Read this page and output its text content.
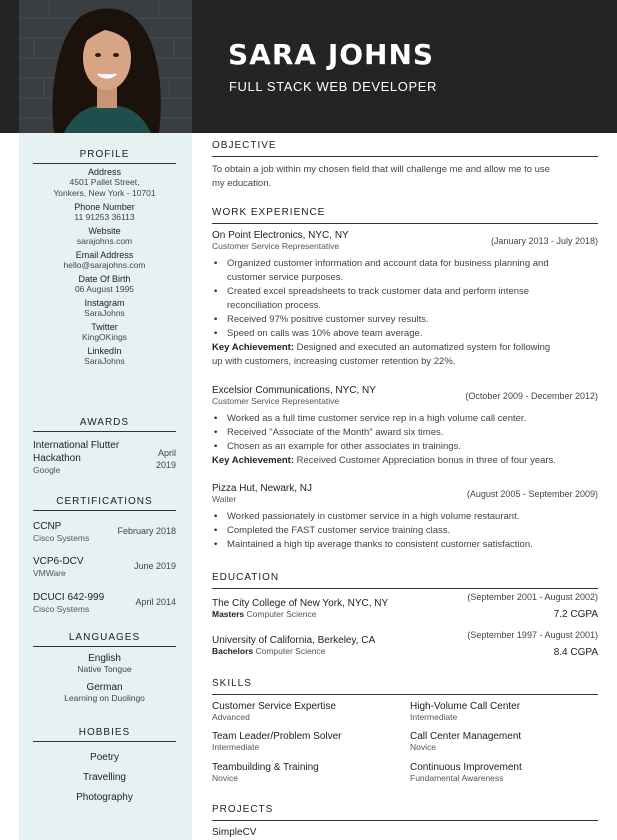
SARA JOHNS
FULL STACK WEB DEVELOPER
PROFILE
Address
4501 Pallet Street,
Yonkers, New York - 10701
Phone Number
11 91253 36113
Website
sarajohns.com
Email Address
hello@sarajohns.com
Date Of Birth
06 August 1995
Instagram
SaraJohns
Twitter
KingOKings
LinkedIn
SaraJohns
AWARDS
International Flutter Hackathon
Google
April 2019
CERTIFICATIONS
CCNP
Cisco Systems
February 2018
VCP6-DCV
VMWare
June 2019
DCUCI 642-999
Cisco Systems
April 2014
LANGUAGES
English
Native Tongue
German
Learning on Duolingo
HOBBIES
Poetry
Travelling
Photography
OBJECTIVE
To obtain a job within my chosen field that will challenge me and allow me to use
my education.
WORK EXPERIENCE
On Point Electronics, NYC, NY
Customer Service Representative	(January 2013 - July 2018)
• Organized customer information and account data for business planning and
customer service purposes.
• Created excel spreadsheets to track customer data and perform intense
reconciliation process.
• Received 97% positive customer survey results.
• Speed on calls was 10% above team average.
Key Achievement: Designed and executed an automatized system for following
up with customers, increasing customer retention by 22%.
Excelsior Communications, NYC, NY
Customer Service Representative	(October 2009 - December 2012)
• Worked as a full time customer service rep in a high volume call center.
• Received "Associate of the Month" award six times.
• Chosen as an example for other associates in trainings.
Key Achievement: Received Customer Appreciation bonus in three of four years.
Pizza Hut, Newark, NJ
Waiter	(August 2005 - September 2009)
• Worked passionately in customer service in a high volume restaurant.
• Completed the FAST customer service training class.
• Maintained a high tip average thanks to consistent customer satisfaction.
EDUCATION
(September 2001 - August 2002)
The City College of New York, NYC, NY
Masters Computer Science	7.2 CGPA
(September 1997 - August 2001)
University of California, Berkeley, CA
Bachelors Computer Science	8.4 CGPA
SKILLS
Customer Service Expertise
Advanced
High-Volume Call Center
Intermediate
Team Leader/Problem Solver
Intermediate
Call Center Management
Novice
Teambuilding & Training
Novice
Continuous Improvement
Fundamental Awareness
PROJECTS
SimpleCV
